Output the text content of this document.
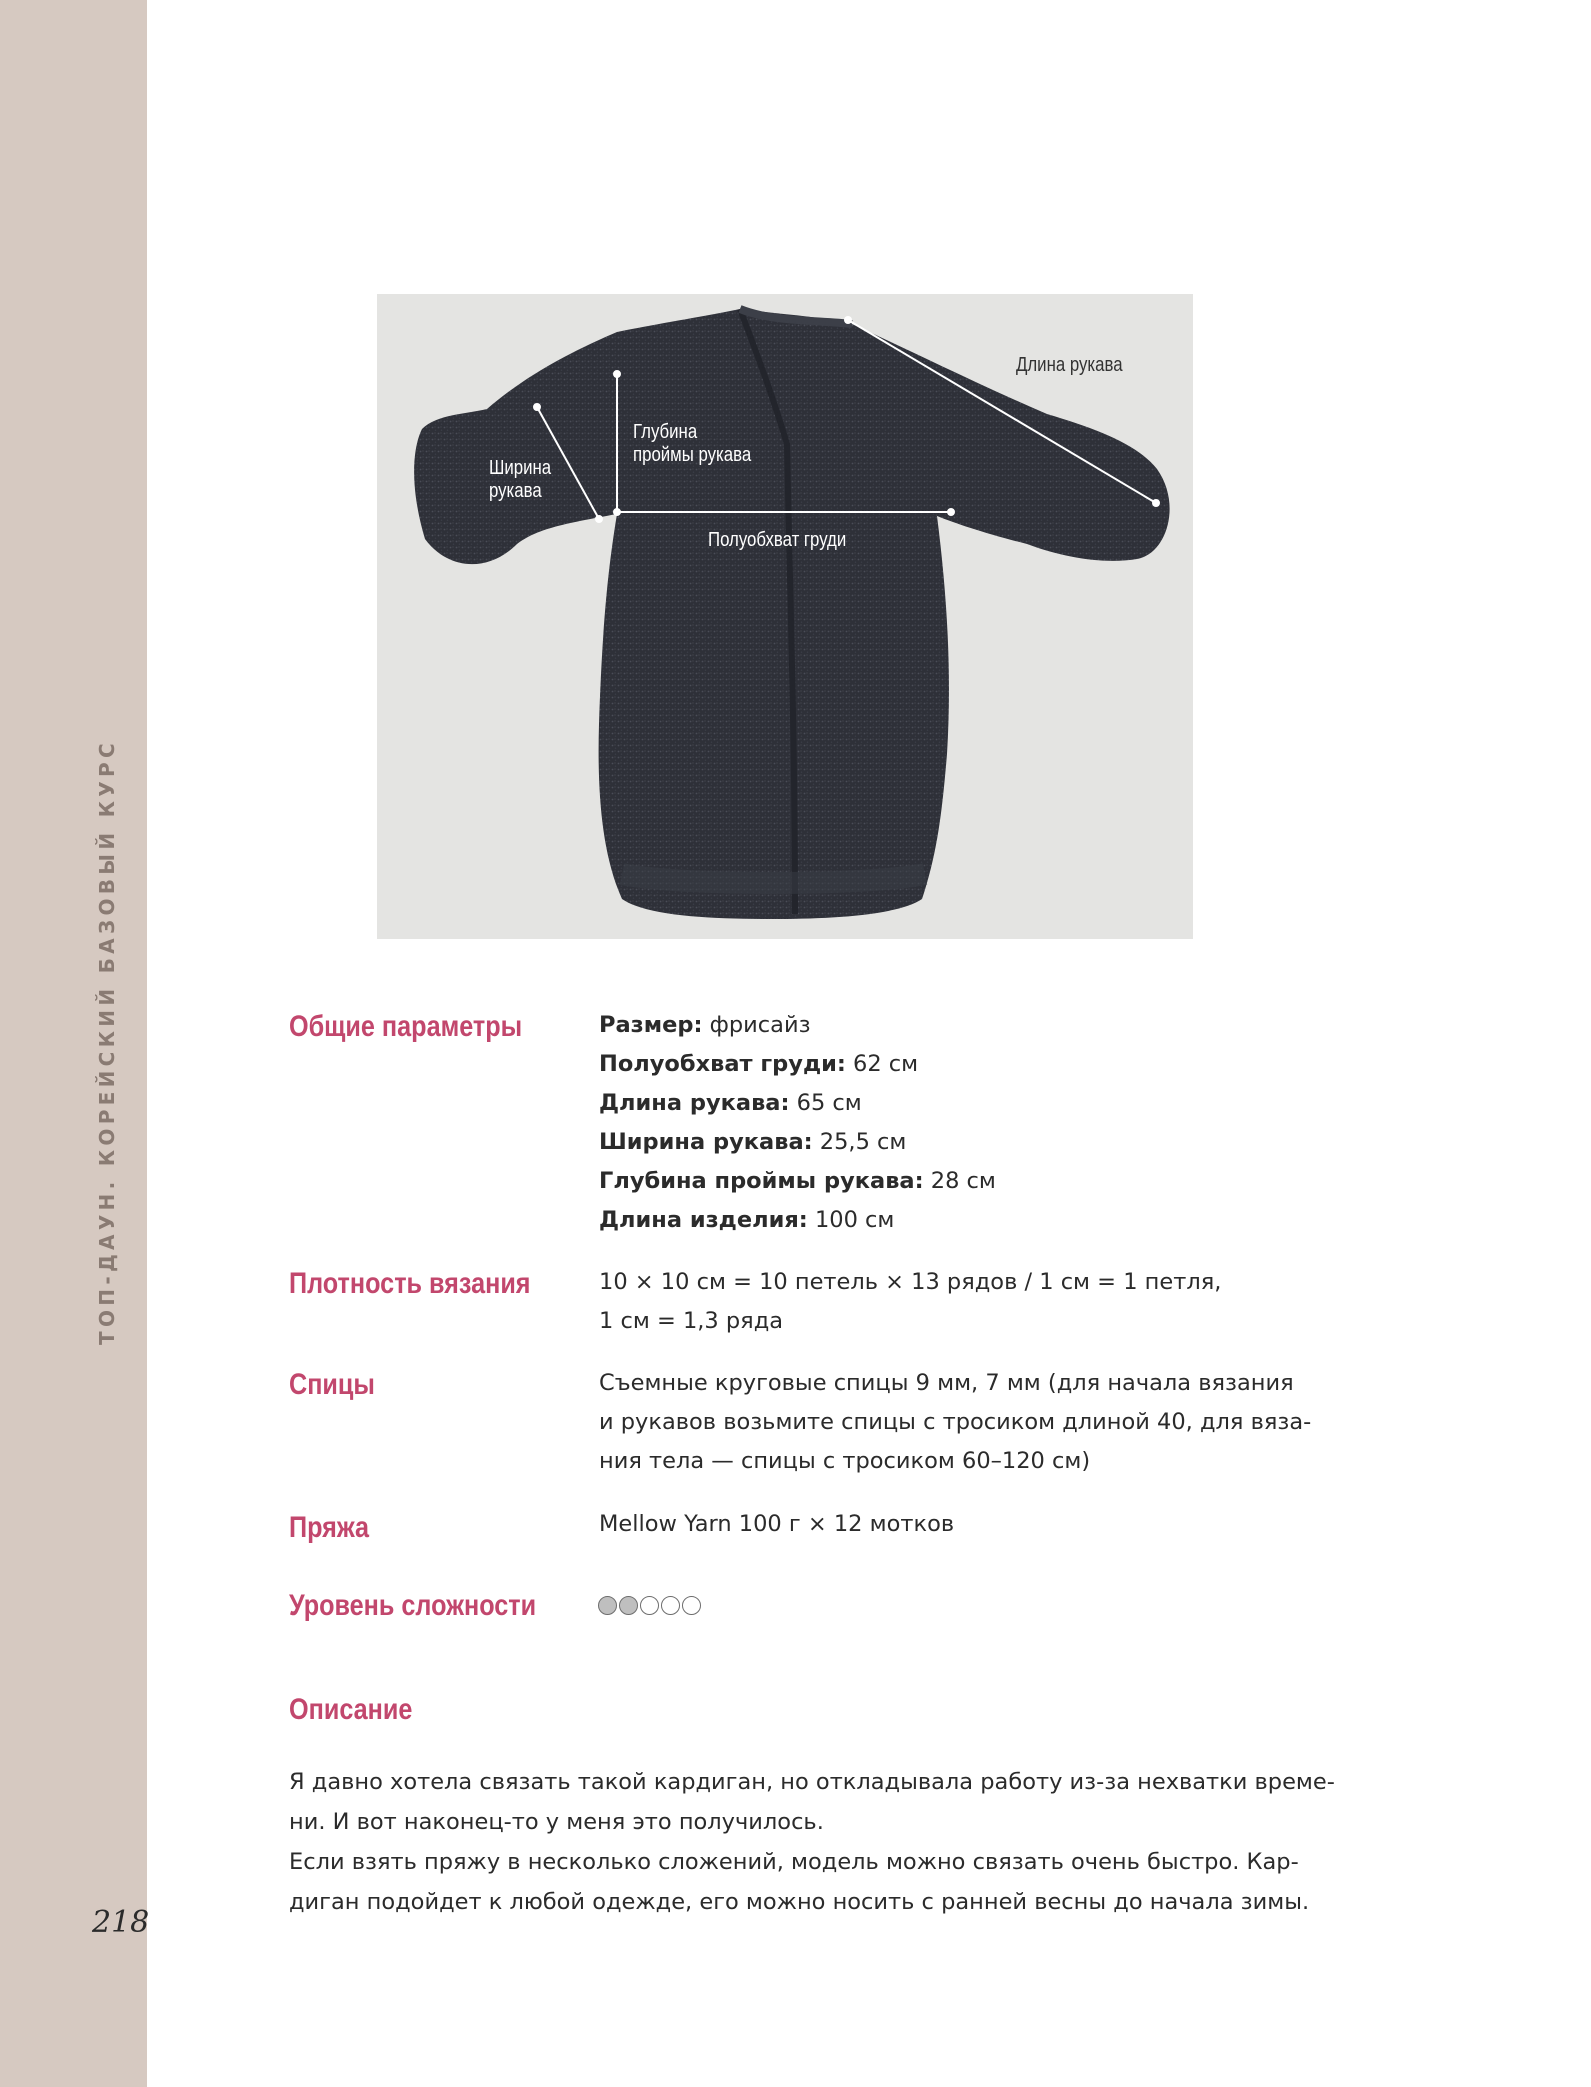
ТОП-ДАУН. КОРЕЙСКИЙ БАЗОВЫЙ КУРС
218
Длина рукава
Глубина
проймы рукава
Ширина
рукава
Полуобхват груди
Общие параметры	Размер: фрисайз
Полуобхват груди: 62 см
Длина рукава: 65 см
Ширина рукава: 25,5 см
Глубина проймы рукава: 28 см
Длина изделия: 100 см
Плотность вязания	10 × 10 см = 10 петель × 13 рядов / 1 см = 1 петля,
1 см = 1,3 ряда
Спицы	Съемные круговые спицы 9 мм, 7 мм (для начала вязания
и рукавов возьмите спицы с тросиком длиной 40, для вяза-
ния тела — спицы с тросиком 60–120 см)
Пряжа	Mellow Yarn 100 г × 12 мотков
Уровень сложности
Описание
Я давно хотела связать такой кардиган, но откладывала работу из-за нехватки време-
ни. И вот наконец-то у меня это получилось.
Если взять пряжу в несколько сложений, модель можно связать очень быстро. Кар-
диган подойдет к любой одежде, его можно носить с ранней весны до начала зимы.
